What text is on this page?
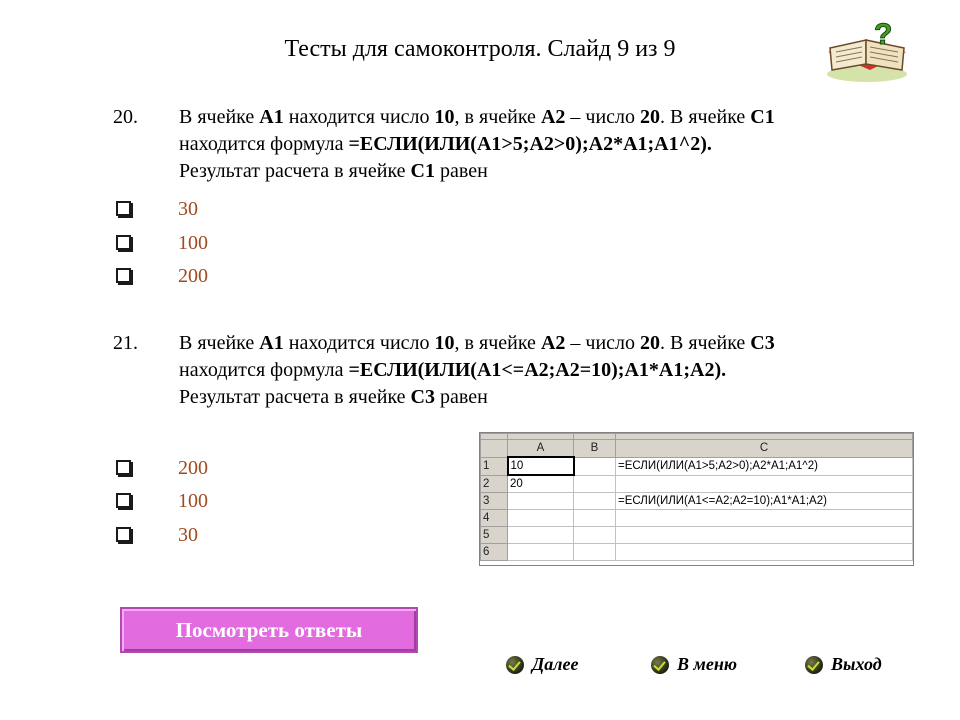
Тесты для самоконтроля. Слайд 9 из 9	?
20. В ячейке А1 находится число 10, в ячейке А2 – число 20. В ячейке С1
находится формула =ЕСЛИ(ИЛИ(А1>5;А2>0);А2*А1;А1^2).
Результат расчета в ячейке С1 равен
30
100
200
21. В ячейке А1 находится число 10, в ячейке А2 – число 20. В ячейке С3
находится формула =ЕСЛИ(ИЛИ(А1<=А2;А2=10);А1*А1;А2).
Результат расчета в ячейке С3 равен
200
100
30

	A	B	C
1	10		=ЕСЛИ(ИЛИ(A1>5;A2>0);A2*A1;A1^2)
2	20		
3			=ЕСЛИ(ИЛИ(A1<=A2;A2=10);A1*A1;A2)
4			
5			
6			
Посмотреть ответы
Далее	В меню	Выход
